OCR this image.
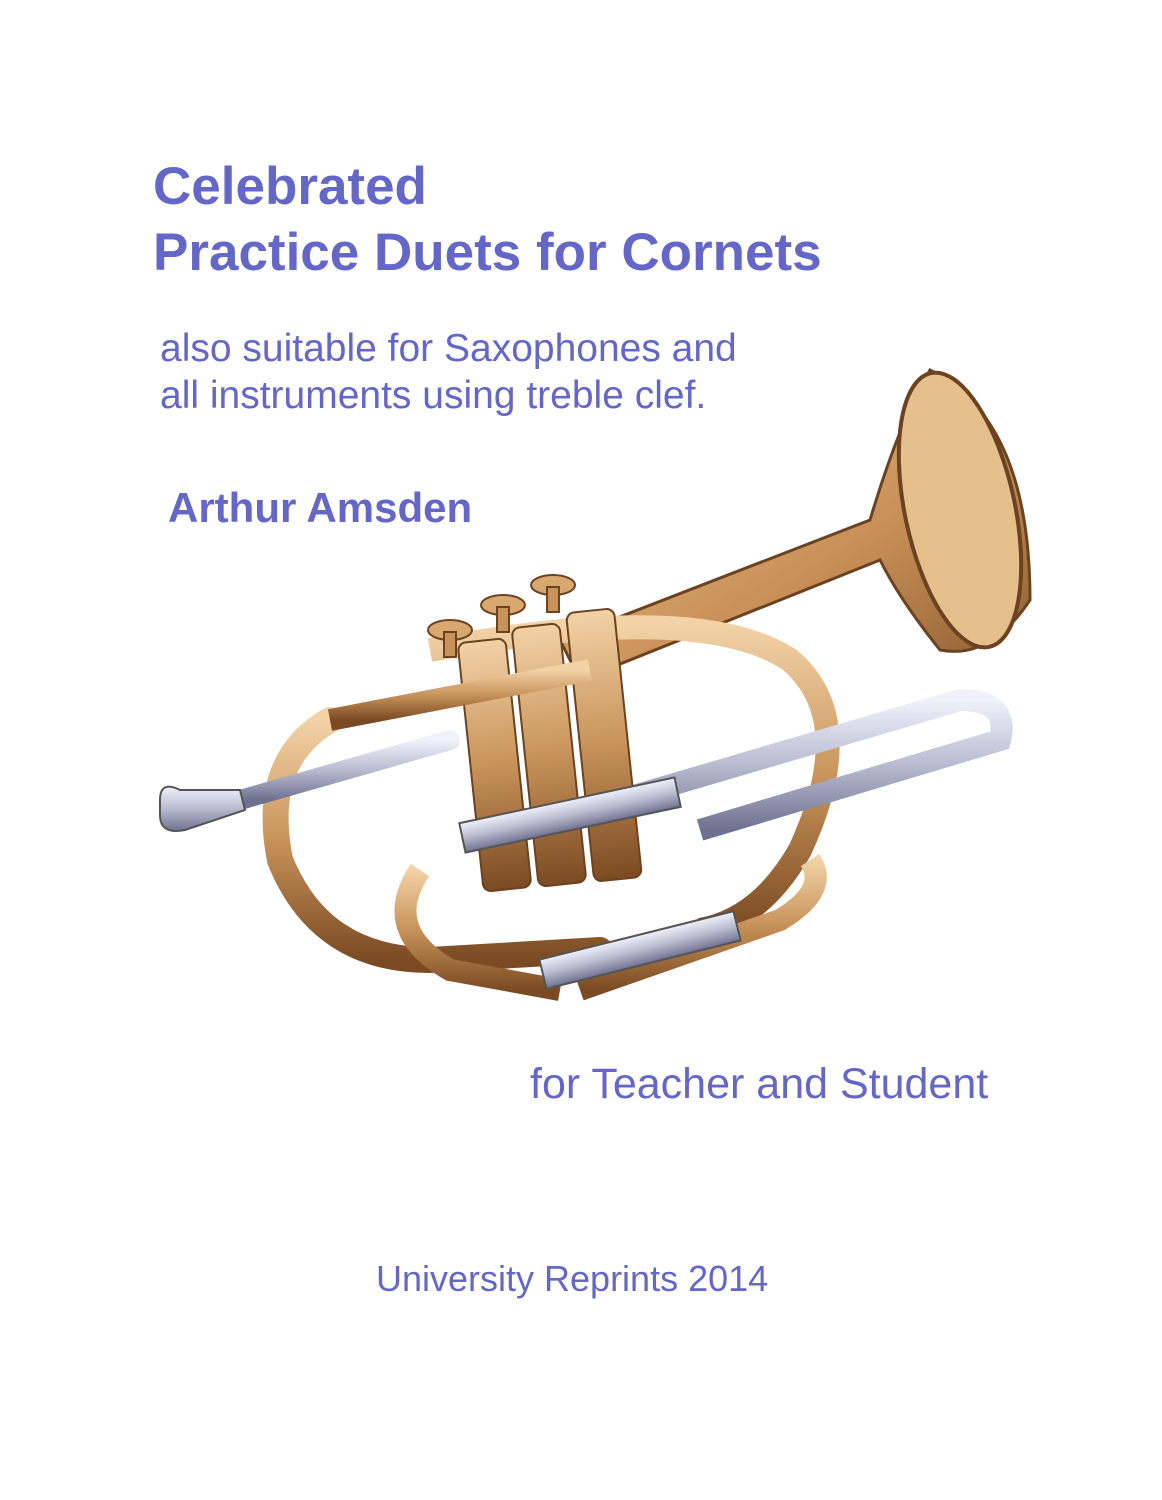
Celebrated
Practice Duets for Cornets
also suitable for Saxophones and
all instruments using treble clef.
Arthur Amsden
for Teacher and Student
University Reprints 2014
